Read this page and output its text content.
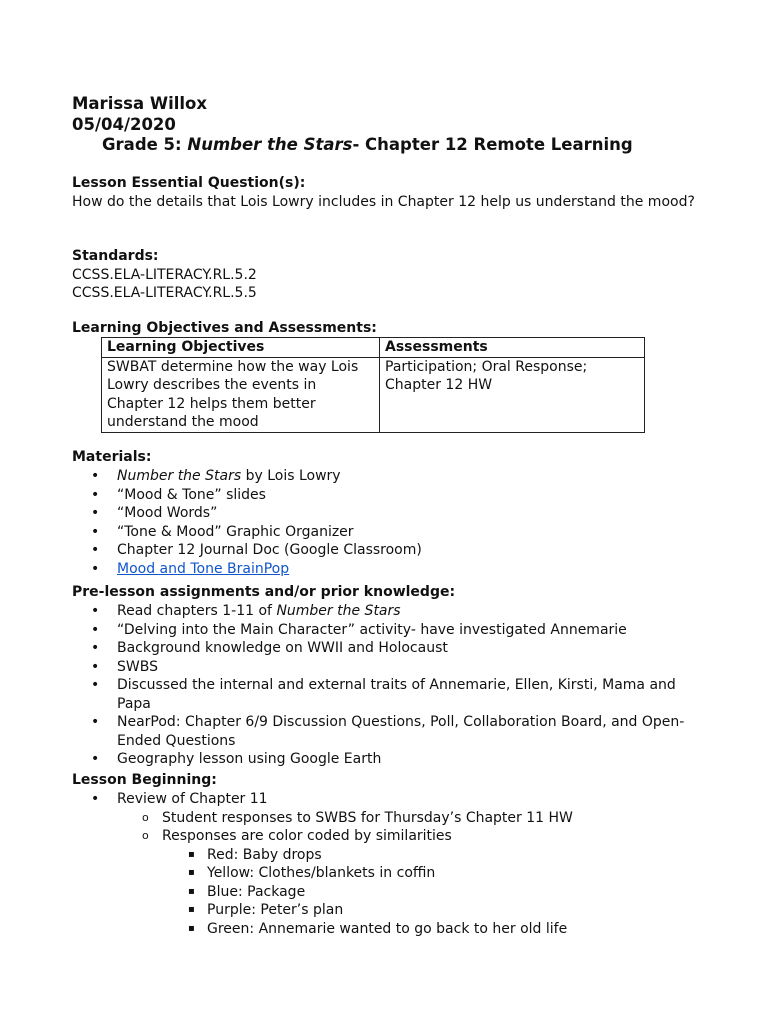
Marissa Willox
05/04/2020
Grade 5: Number the Stars- Chapter 12 Remote Learning
Lesson Essential Question(s):
How do the details that Lois Lowry includes in Chapter 12 help us understand the mood?
Standards:
CCSS.ELA-LITERACY.RL.5.2
CCSS.ELA-LITERACY.RL.5.5
Learning Objectives and Assessments:
Learning Objectives	Assessments
SWBAT determine how the way Lois Lowry describes the events in Chapter 12 helps them better understand the mood	Participation; Oral Response; Chapter 12 HW
Materials:
• Number the Stars by Lois Lowry
• “Mood & Tone” slides
• “Mood Words”
• “Tone & Mood” Graphic Organizer
• Chapter 12 Journal Doc (Google Classroom)
• Mood and Tone BrainPop
Pre-lesson assignments and/or prior knowledge:
• Read chapters 1-11 of Number the Stars
• “Delving into the Main Character” activity- have investigated Annemarie
• Background knowledge on WWII and Holocaust
• SWBS
• Discussed the internal and external traits of Annemarie, Ellen, Kirsti, Mama and Papa
• NearPod: Chapter 6/9 Discussion Questions, Poll, Collaboration Board, and Open-Ended Questions
• Geography lesson using Google Earth
Lesson Beginning:
• Review of Chapter 11
o Student responses to SWBS for Thursday’s Chapter 11 HW
o Responses are color coded by similarities
▪ Red: Baby drops
▪ Yellow: Clothes/blankets in coffin
▪ Blue: Package
▪ Purple: Peter’s plan
▪ Green: Annemarie wanted to go back to her old life
